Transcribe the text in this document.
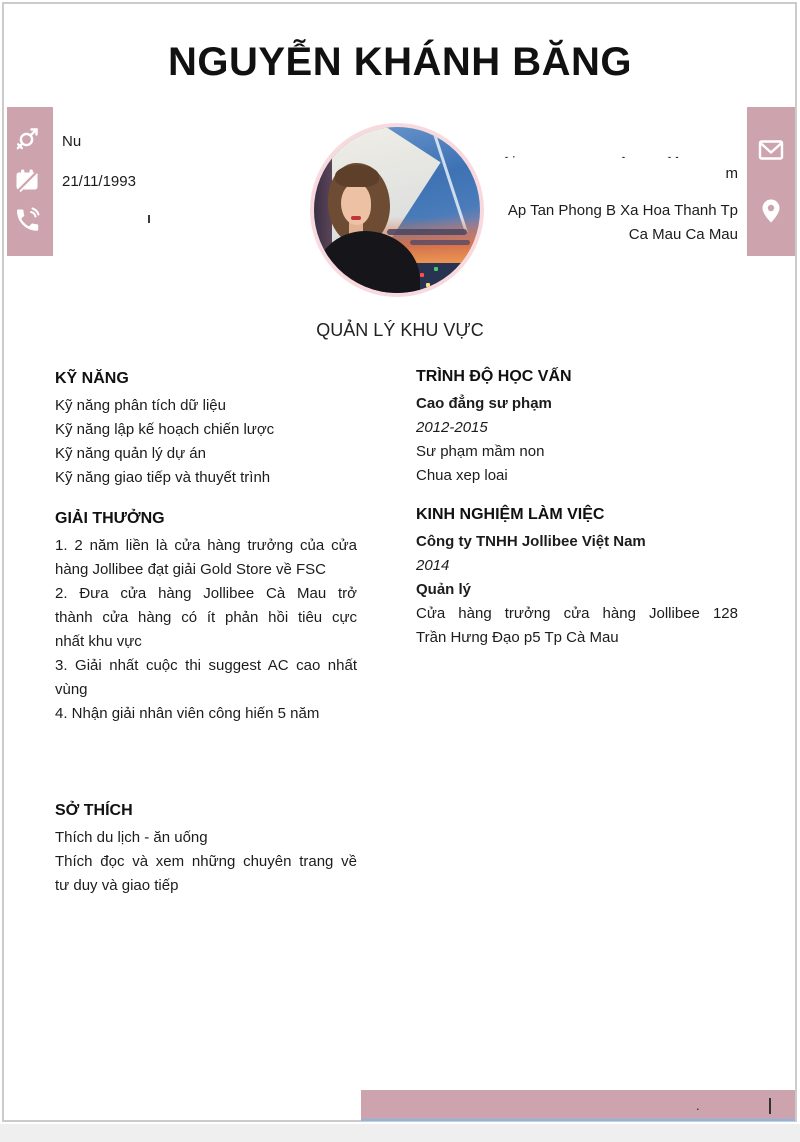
NGUYỄN KHÁNH BĂNG
Nu
21/11/1993
- ·	-	- -
m
Ap Tan Phong B Xa Hoa Thanh Tp
Ca Mau Ca Mau
QUẢN LÝ KHU VỰC
KỸ NĂNG
Kỹ năng phân tích dữ liệu
Kỹ năng lập kế hoạch chiến lược
Kỹ năng quản lý dự án
Kỹ năng giao tiếp và thuyết trình
GIẢI THƯỞNG
1. 2 năm liền là cửa hàng trưởng của cửa
hàng Jollibee đạt giải Gold Store về FSC
2. Đưa cửa hàng Jollibee Cà Mau trở
thành cửa hàng có ít phản hồi tiêu cực
nhất khu vực
3. Giải nhất cuộc thi suggest AC cao nhất
vùng
4. Nhận giải nhân viên công hiến 5 năm
SỞ THÍCH
Thích du lịch - ăn uống
Thích đọc và xem những chuyên trang về
tư duy và giao tiếp
TRÌNH ĐỘ HỌC VẤN
Cao đẳng sư phạm
2012-2015
Sư phạm mầm non
Chua xep loai
KINH NGHIỆM LÀM VIỆC
Công ty TNHH Jollibee Việt Nam
2014
Quản lý
Cửa hàng trưởng cửa hàng Jollibee 128
Trần Hưng Đạo p5 Tp Cà Mau
.
